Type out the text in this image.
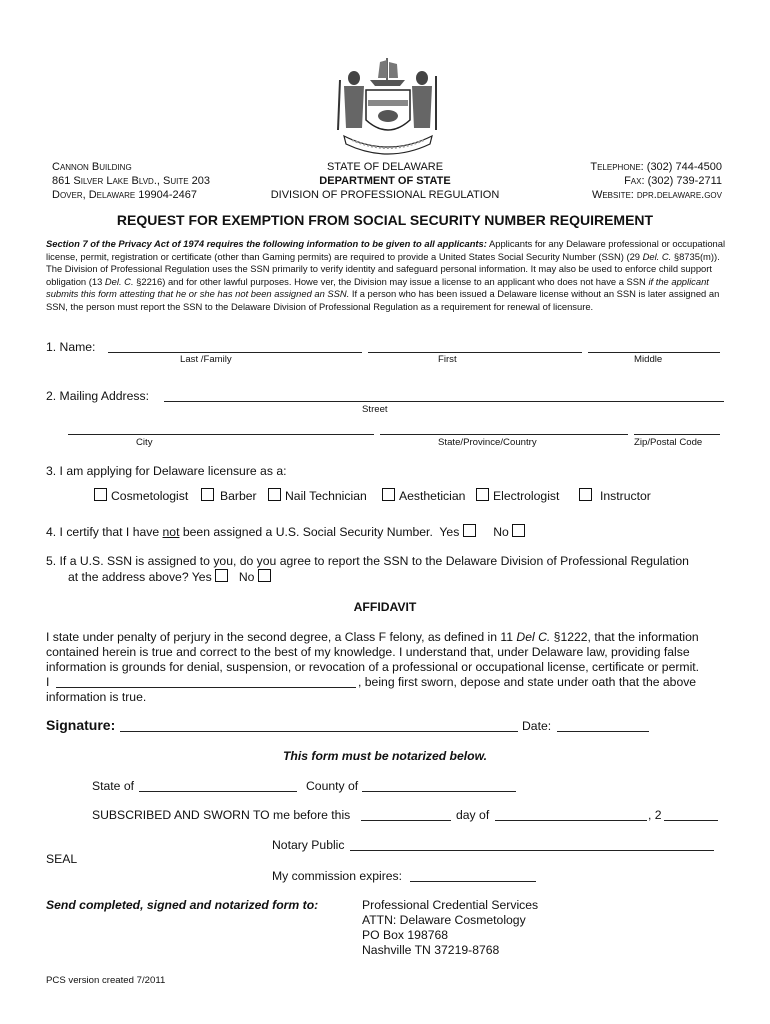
Cannon Building
861 Silver Lake Blvd., Suite 203
Dover, Delaware 19904-2467
STATE OF DELAWARE
DEPARTMENT OF STATE
DIVISION OF PROFESSIONAL REGULATION
Telephone: (302) 744-4500
Fax: (302) 739-2711
Website: dpr.delaware.gov
REQUEST FOR EXEMPTION FROM SOCIAL SECURITY NUMBER REQUIREMENT
Section 7 of the Privacy Act of 1974 requires the following information to be given to all applicants: Applicants for any Delaware professional or occupational license, permit, registration or certificate (other than Gaming permits) are required to provide a United States Social Security Number (SSN) (29 Del. C. §8735(m)). The Division of Professional Regulation uses the SSN primarily to verify identity and safeguard personal information. It may also be used to enforce child support obligation (13 Del. C. §2216) and for other lawful purposes. Howe ver, the Division may issue a license to an applicant who does not have a SSN if the applicant submits this form attesting that he or she has not been assigned an SSN. If a person who has been issued a Delaware license without an SSN is later assigned an SSN, the person must report the SSN to the Delaware Division of Professional Regulation as a requirement for renewal of licensure.
1. Name:
Last /Family	First	Middle
2. Mailing Address:
Street
City	State/Province/Country	Zip/Postal Code
3. I am applying for Delaware licensure as a:
Cosmetologist	Barber	Nail Technician	Aesthetician	Electrologist	Instructor
4. I certify that I have not been assigned a U.S. Social Security Number. Yes	No
5. If a U.S. SSN is assigned to you, do you agree to report the SSN to the Delaware Division of Professional Regulation
at the address above? Yes No
AFFIDAVIT
I state under penalty of perjury in the second degree, a Class F felony, as defined in 11 Del C. §1222, that the information
contained herein is true and correct to the best of my knowledge. I understand that, under Delaware law, providing false
information is grounds for denial, suspension, or revocation of a professional or occupational license, certificate or permit.
I	, being first sworn, depose and state under oath that the above
information is true.
Signature:	Date:
This form must be notarized below.
State of	County of
SUBSCRIBED AND SWORN TO me before this	day of	, 2
Notary Public
SEAL
My commission expires:
Send completed, signed and notarized form to:	Professional Credential Services
ATTN: Delaware Cosmetology
PO Box 198768
Nashville TN 37219-8768
PCS version created 7/2011
